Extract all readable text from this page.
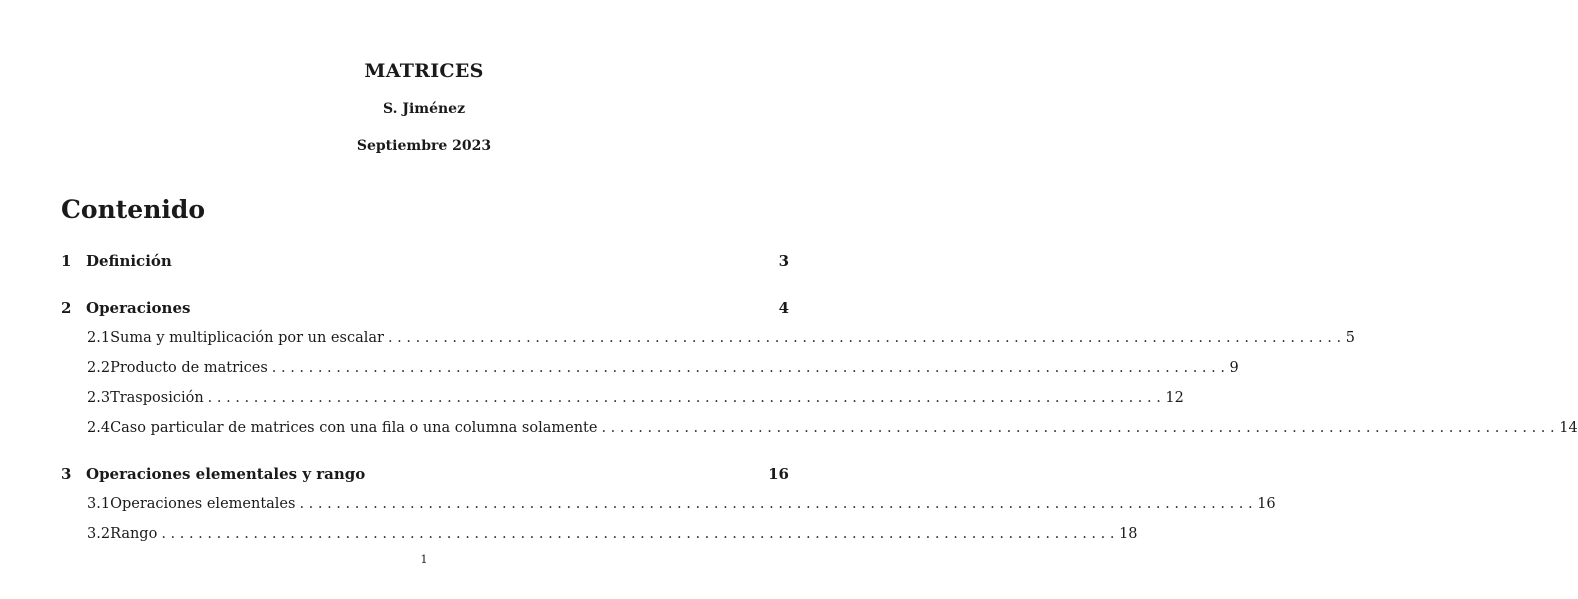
MATRICES
S. Jiménez
Septiembre 2023
Contenido
1 Definición	3
2 Operaciones	4
2.1 Suma y multiplicación por un escalar ........................................................................................................ 5
2.2 Producto de matrices ........................................................................................................ 9
2.3 Trasposición ........................................................................................................ 12
2.4 Caso particular de matrices con una fila o una columna solamente ........................................................................................................ 14
3 Operaciones elementales y rango	16
3.1 Operaciones elementales ........................................................................................................ 16
3.2 Rango ........................................................................................................ 18
1
